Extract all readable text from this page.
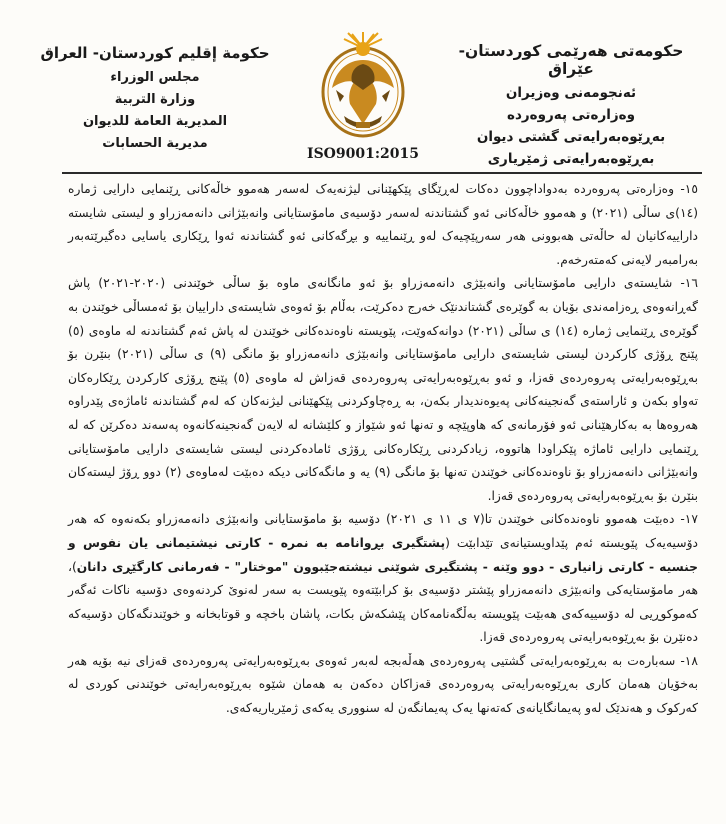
حکومەتی هەرێمی کوردستان- عێراق
ئەنجومەنی وەزیران
وەزارەتی پەروەردە
بەڕێوەبەرایەتی گشتی دیوان
بەڕێوەبەرایەتی ژمێریاری
حكومة إقليم كوردستان- العراق
مجلس الوزراء
وزارة التربية
المديرية العامة للديوان
مديرية الحسابات
ISO9001:2015

١٥- وەزارەتی پەروەردە بەدواداچوون دەکات لەڕێگای پێکهێنانی لیژنەیەک لەسەر هەموو خاڵەکانی ڕێنمایی دارایی ژمارە (١٤)ی ساڵی (٢٠٢١) و هەموو خاڵەکانی ئەو گشتاندنە لەسەر دۆسیەی مامۆستایانی وانەبێژانی دانەمەزراو و لیستی شایستە داراییەکانیان لە حاڵەتی هەبوونی هەر سەرپێچیەک لەو ڕێنماییە و بڕگەکانی ئەو گشتاندنە ئەوا ڕێکاری یاسایی دەگیرێتەبەر بەرامبەر لایەنی کەمتەرخەم.

١٦- شایستەی دارایی مامۆستایانی وانەبێژی دانەمەزراو بۆ ئەو مانگانەی ماوە بۆ ساڵی خوێندنی (٢٠٢٠-٢٠٢١) پاش گەڕانەوەی ڕەزامەندی بۆیان بە گوێرەی گشتاندنێک خەرج دەکرێت، بەڵام بۆ ئەوەی شایستەی داراییان بۆ ئەمساڵی خوێندن بە گوێرەی ڕێنمایی ژمارە (١٤) ی ساڵی (٢٠٢١) دوانەکەوێت، پێویستە ناوەندەکانی خوێندن لە پاش ئەم گشتاندنە لە ماوەی (٥) پێنج ڕۆژی کارکردن لیستی شایستەی دارایی مامۆستایانی وانەبێژی دانەمەزراو بۆ مانگی (٩) ی ساڵی (٢٠٢١) بنێرن بۆ بەڕێوەبەرایەتی پەروەردەی قەزا، و ئەو بەڕێوەبەرایەتی پەروەردەی قەزاش لە ماوەی (٥) پێنج ڕۆژی کارکردن ڕێکارەکان تەواو بکەن و ئاراستەی گەنجینەکانی پەیوەندیدار بکەن، بە ڕەچاوکردنی پێکهێنانی لیژنەکان کە لەم گشتاندنە ئاماژەی پێدراوە هەروەها بە بەکارهێنانی ئەو فۆرمانەی کە هاوپێچە و تەنها ئەو شێواز و کلێشانە لە لایەن گەنجینەکانەوە پەسەند دەکرێن کە لە ڕێنمایی دارایی ئاماژە پێکراودا هاتووە، زیادکردنی ڕێکارەکانی ڕۆژی ئامادەکردنی لیستی شایستەی دارایی مامۆستایانی وانەبێژانی دانەمەزراو بۆ ناوەندەکانی خوێندن تەنها بۆ مانگی (٩) یە و مانگەکانی دیکە دەبێت لەماوەی (٢) دوو ڕۆژ لیستەکان بنێرن بۆ بەڕێوەبەرایەتی پەروەردەی قەزا.

١٧- دەبێت هەموو ناوەندەکانی خوێندن تا(٧ ی ١١ ی ٢٠٢١) دۆسیە بۆ مامۆستایانی وانەبێژی دانەمەزراو بکەنەوە کە هەر دۆسیەیەک پێویستە ئەم پێداویستیانەی تێدابێت (پشتگیری بڕوانامە بە نمرە - کارتی نیشتیمانی یان نفوس و جنسیە - کارتی زانیاری - دوو وێنە - پشتگیری شوێنی نیشتەجێبوون "موختار" - فەرمانی کارگێڕی دانان)، هەر مامۆستایەکی وانەبێژی دانەمەزراو پێشتر دۆسیەی بۆ کرابێتەوە پێویست بە سەر لەنوێ کردنەوەی دۆسیە ناکات ئەگەر کەموکوڕیی لە دۆسییەکەی هەبێت پێویستە بەڵگەنامەکان پێشکەش بکات، پاشان باخچە و قوتابخانە و خوێندنگەکان دۆسیەکە دەنێرن بۆ بەڕێوەبەرایەتی پەروەردەی قەزا.

١٨- سەبارەت بە بەڕێوەبەرایەتی گشتیی پەروەردەی هەڵەبجە لەبەر ئەوەی بەڕێوەبەرایەتی پەروەردەی قەزای نیە بۆیە هەر بەخۆیان هەمان کاری بەڕێوەبەرایەتی پەروەردەی قەزاکان دەکەن بە هەمان شێوە بەڕێوەبەرایەتی خوێندنی کوردی لە کەرکوک و هەندێک لەو پەیمانگایانەی کەتەنها یەک پەیمانگەن لە سنووری یەکەی ژمێریاریەکەی.
